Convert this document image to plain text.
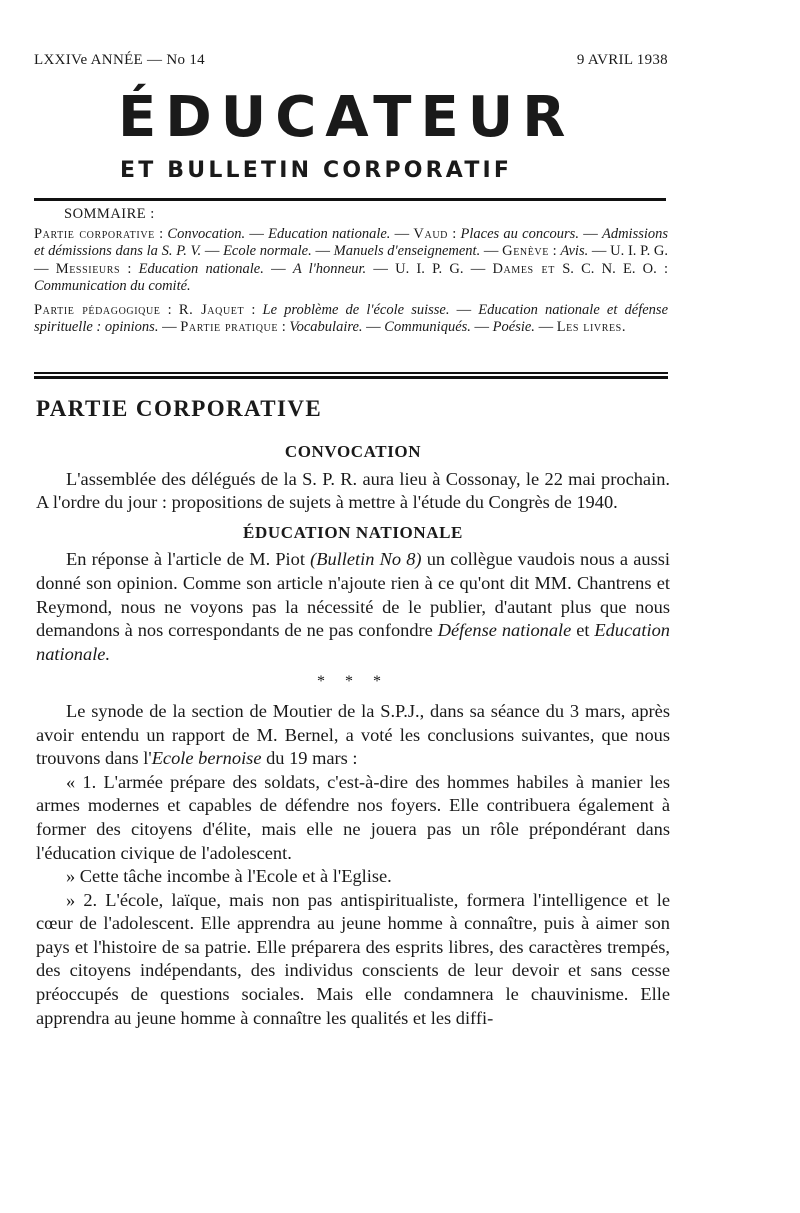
LXXIVe ANNÉE — No 14	9 AVRIL 1938
ÉDUCATEUR
ET BULLETIN CORPORATIF
SOMMAIRE :

Partie corporative : Convocation. — Education nationale. — Vaud : Places au concours. — Admissions et démissions dans la S. P. V. — Ecole normale. — Manuels d'enseignement. — Genève : Avis. — U. I. P. G. — Messieurs : Education nationale. — A l'honneur. — U. I. P. G. — Dames et S. C. N. E. O. : Communication du comité.

Partie pédagogique : R. Jaquet : Le problème de l'école suisse. — Education nationale et défense spirituelle : opinions. — Partie pratique : Vocabulaire. — Communiqués. — Poésie. — Les livres.

PARTIE CORPORATIVE
CONVOCATION

L'assemblée des délégués de la S. P. R. aura lieu à Cossonay, le 22 mai prochain. A l'ordre du jour : propositions de sujets à mettre à l'étude du Congrès de 1940.

ÉDUCATION NATIONALE

En réponse à l'article de M. Piot (Bulletin No 8) un collègue vaudois nous a aussi donné son opinion. Comme son article n'ajoute rien à ce qu'ont dit MM. Chantrens et Reymond, nous ne voyons pas la nécessité de le publier, d'autant plus que nous demandons à nos correspondants de ne pas confondre Défense nationale et Education nationale.

* * *

Le synode de la section de Moutier de la S.P.J., dans sa séance du 3 mars, après avoir entendu un rapport de M. Bernel, a voté les conclusions suivantes, que nous trouvons dans l'Ecole bernoise du 19 mars :

« 1. L'armée prépare des soldats, c'est-à-dire des hommes habiles à manier les armes modernes et capables de défendre nos foyers. Elle contribuera également à former des citoyens d'élite, mais elle ne jouera pas un rôle prépondérant dans l'éducation civique de l'adolescent.

» Cette tâche incombe à l'Ecole et à l'Eglise.

» 2. L'école, laïque, mais non pas antispiritualiste, formera l'intelligence et le cœur de l'adolescent. Elle apprendra au jeune homme à connaître, puis à aimer son pays et l'histoire de sa patrie. Elle préparera des esprits libres, des caractères trempés, des citoyens indépendants, des individus conscients de leur devoir et sans cesse préoccupés de questions sociales. Mais elle condamnera le chauvinisme. Elle apprendra au jeune homme à connaître les qualités et les diffi-
